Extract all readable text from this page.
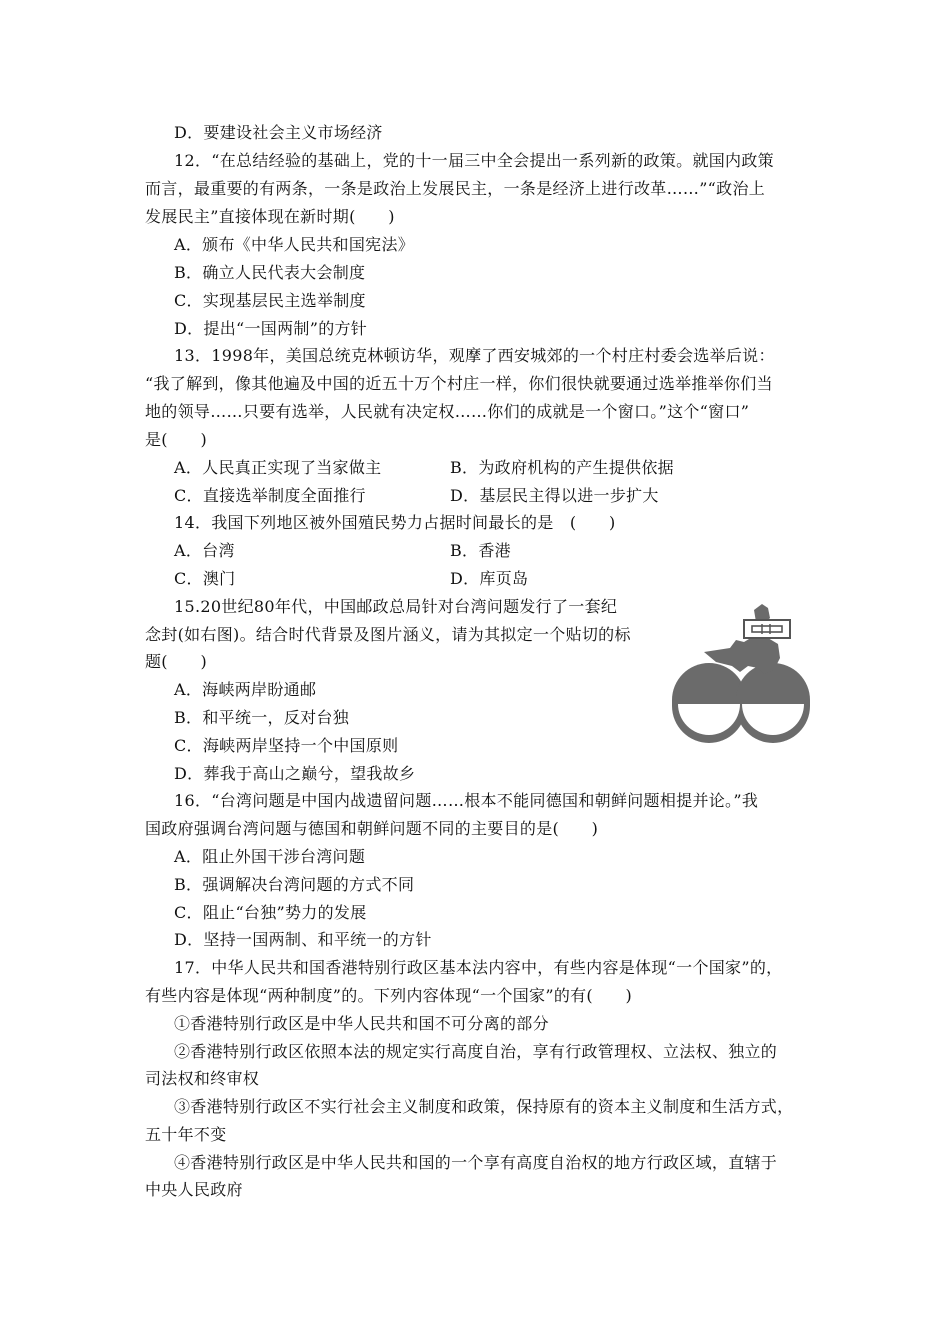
D．要建设社会主义市场经济
12．“在总结经验的基础上，党的十一届三中全会提出一系列新的政策。就国内政策
而言，最重要的有两条，一条是政治上发展民主，一条是经济上进行改革……”“政治上
发展民主”直接体现在新时期(　　)
A．颁布《中华人民共和国宪法》
B．确立人民代表大会制度
C．实现基层民主选举制度
D．提出“一国两制”的方针
13．1998年，美国总统克林顿访华，观摩了西安城郊的一个村庄村委会选举后说：
“我了解到，像其他遍及中国的近五十万个村庄一样，你们很快就要通过选举推举你们当
地的领导……只要有选举，人民就有决定权……你们的成就是一个窗口。”这个“窗口”
是(　　)
A．人民真正实现了当家做主	B．为政府机构的产生提供依据
C．直接选举制度全面推行	D．基层民主得以进一步扩大
14．我国下列地区被外国殖民势力占据时间最长的是　(　　)
A．台湾	B．香港
C．澳门	D．库页岛
15.20世纪80年代，中国邮政总局针对台湾问题发行了一套纪
念封(如右图)。结合时代背景及图片涵义，请为其拟定一个贴切的标
题(　　)
A．海峡两岸盼通邮
B．和平统一，反对台独
C．海峡两岸坚持一个中国原则
D．葬我于高山之巅兮，望我故乡
16．“台湾问题是中国内战遗留问题……根本不能同德国和朝鲜问题相提并论。”我
国政府强调台湾问题与德国和朝鲜问题不同的主要目的是(　　)
A．阻止外国干涉台湾问题
B．强调解决台湾问题的方式不同
C．阻止“台独”势力的发展
D．坚持一国两制、和平统一的方针
17．中华人民共和国香港特别行政区基本法内容中，有些内容是体现“一个国家”的，
有些内容是体现“两种制度”的。下列内容体现“一个国家”的有(　　)
①香港特别行政区是中华人民共和国不可分离的部分
②香港特别行政区依照本法的规定实行高度自治，享有行政管理权、立法权、独立的
司法权和终审权
③香港特别行政区不实行社会主义制度和政策，保持原有的资本主义制度和生活方式，
五十年不变
④香港特别行政区是中华人民共和国的一个享有高度自治权的地方行政区域，直辖于
中央人民政府
